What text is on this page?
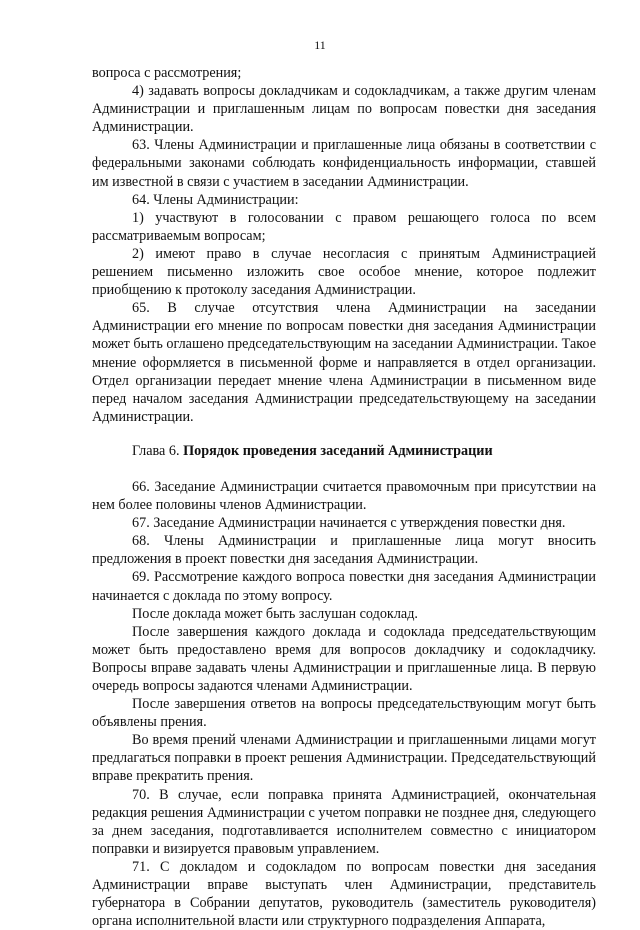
11

вопроса с рассмотрения;

4) задавать вопросы докладчикам и содокладчикам, а также другим членам Администрации и приглашенным лицам по вопросам повестки дня заседания Администрации.

63. Члены Администрации и приглашенные лица обязаны в соответствии с федеральными законами соблюдать конфиденциальность информации, ставшей им известной в связи с участием в заседании Администрации.

64. Члены Администрации:

1) участвуют в голосовании с правом решающего голоса по всем рассматриваемым вопросам;

2) имеют право в случае несогласия с принятым Администрацией решением письменно изложить свое особое мнение, которое подлежит приобщению к протоколу заседания Администрации.

65. В случае отсутствия члена Администрации на заседании Администрации его мнение по вопросам повестки дня заседания Администрации может быть оглашено председательствующим на заседании Администрации. Такое мнение оформляется в письменной форме и направляется в отдел организации. Отдел организации передает мнение члена Администрации в письменном виде перед началом заседания Администрации председательствующему на заседании Администрации.

Глава 6. Порядок проведения заседаний Администрации

66. Заседание Администрации считается правомочным при присутствии на нем более половины членов Администрации.

67. Заседание Администрации начинается с утверждения повестки дня.

68. Члены Администрации и приглашенные лица могут вносить предложения в проект повестки дня заседания Администрации.

69. Рассмотрение каждого вопроса повестки дня заседания Администрации начинается с доклада по этому вопросу.

После доклада может быть заслушан содоклад.

После завершения каждого доклада и содоклада председательствующим может быть предоставлено время для вопросов докладчику и содокладчику. Вопросы вправе задавать члены Администрации и приглашенные лица. В первую очередь вопросы задаются членами Администрации.

После завершения ответов на вопросы председательствующим могут быть объявлены прения.

Во время прений членами Администрации и приглашенными лицами могут предлагаться поправки в проект решения Администрации. Председательствующий вправе прекратить прения.

70. В случае, если поправка принята Администрацией, окончательная редакция решения Администрации с учетом поправки не позднее дня, следующего за днем заседания, подготавливается исполнителем совместно с инициатором поправки и визируется правовым управлением.

71. С докладом и содокладом по вопросам повестки дня заседания Администрации вправе выступать член Администрации, представитель губернатора в Собрании депутатов, руководитель (заместитель руководителя) органа исполнительной власти или структурного подразделения Аппарата,
